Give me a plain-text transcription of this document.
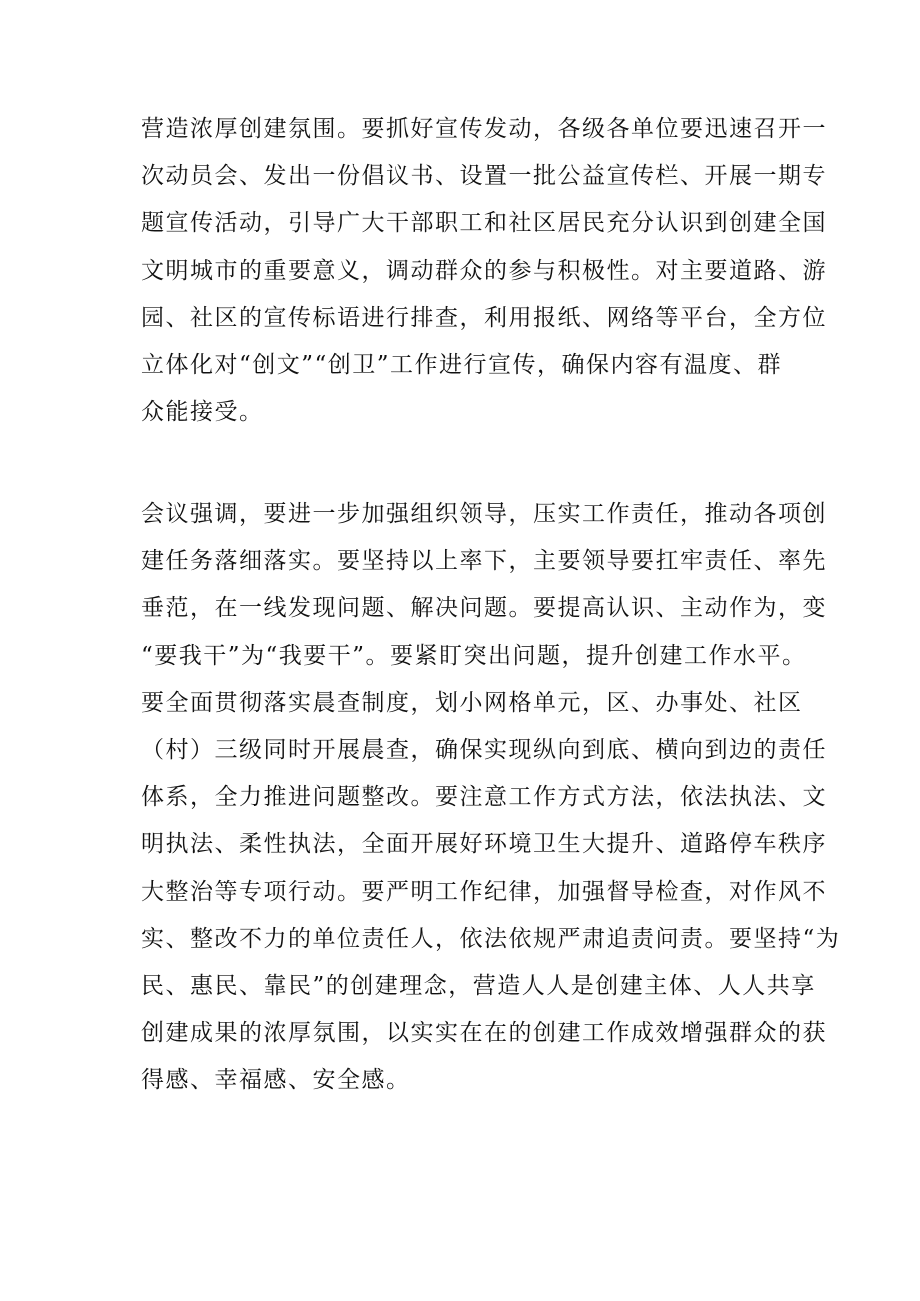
营造浓厚创建氛围。要抓好宣传发动，各级各单位要迅速召开一
次动员会、发出一份倡议书、设置一批公益宣传栏、开展一期专
题宣传活动，引导广大干部职工和社区居民充分认识到创建全国
文明城市的重要意义，调动群众的参与积极性。对主要道路、游
园、社区的宣传标语进行排查，利用报纸、网络等平台，全方位
立体化对“创文”“创卫”工作进行宣传，确保内容有温度、群
众能接受。

会议强调，要进一步加强组织领导，压实工作责任，推动各项创
建任务落细落实。要坚持以上率下，主要领导要扛牢责任、率先
垂范，在一线发现问题、解决问题。要提高认识、主动作为，变
“要我干”为“我要干”。要紧盯突出问题，提升创建工作水平。
要全面贯彻落实晨查制度，划小网格单元，区、办事处、社区
（村）三级同时开展晨查，确保实现纵向到底、横向到边的责任
体系，全力推进问题整改。要注意工作方式方法，依法执法、文
明执法、柔性执法，全面开展好环境卫生大提升、道路停车秩序
大整治等专项行动。要严明工作纪律，加强督导检查，对作风不
实、整改不力的单位责任人，依法依规严肃追责问责。要坚持“为
民、惠民、靠民”的创建理念，营造人人是创建主体、人人共享
创建成果的浓厚氛围，以实实在在的创建工作成效增强群众的获
得感、幸福感、安全感。
